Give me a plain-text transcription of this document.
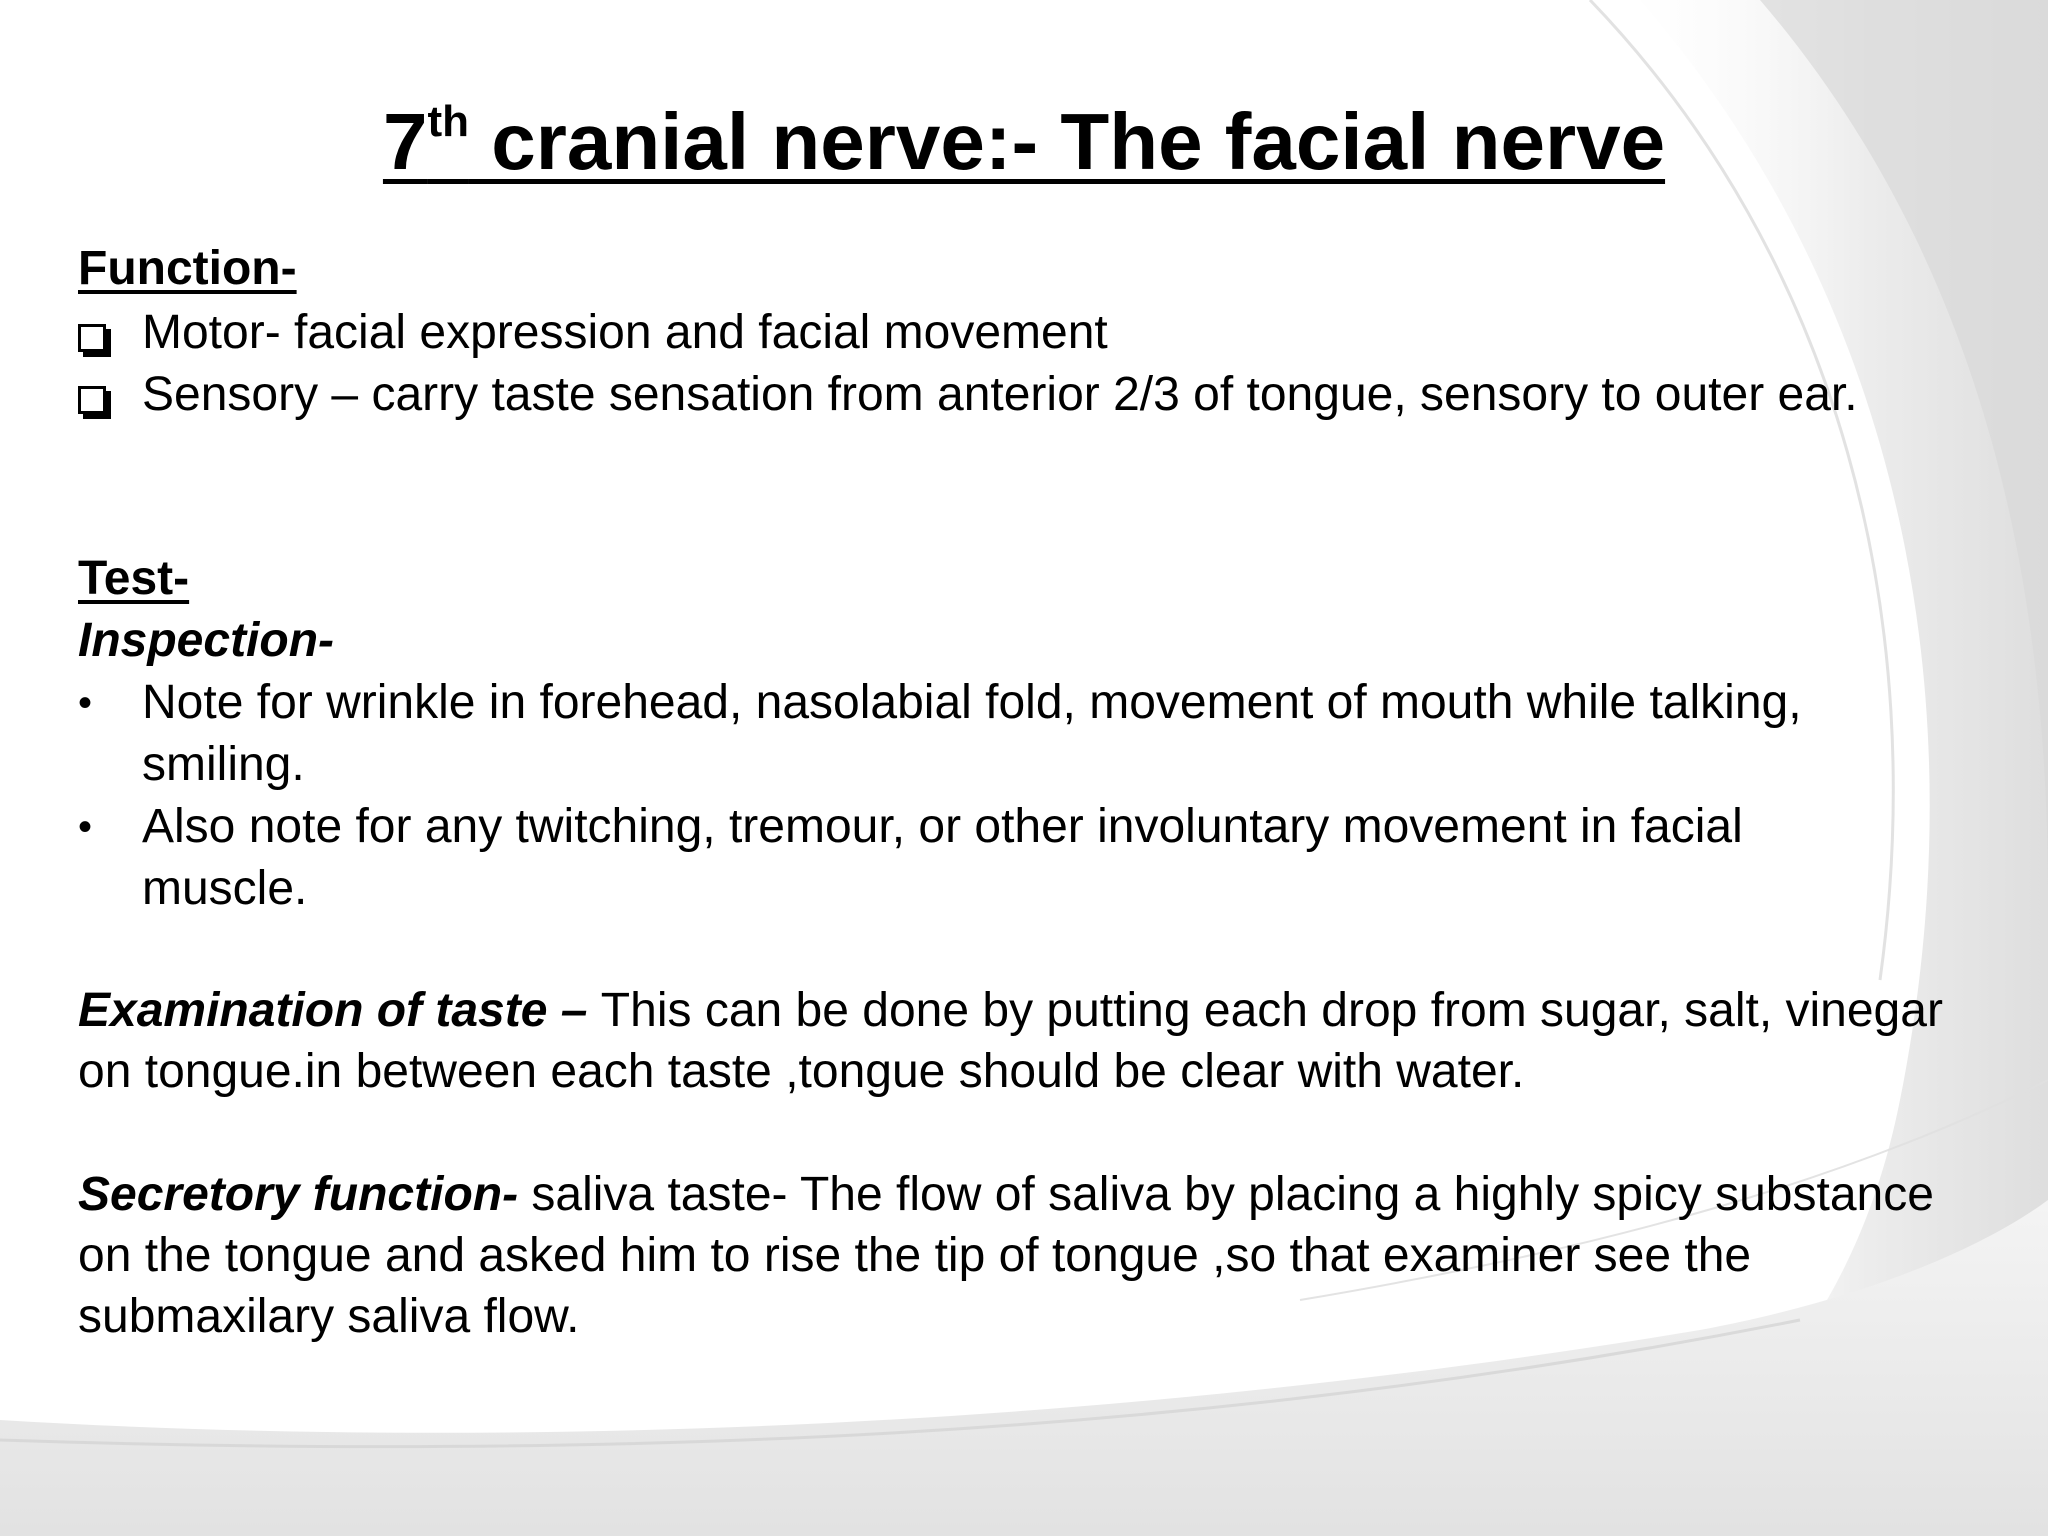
7th cranial nerve:- The facial nerve

Function-

Motor- facial expression and facial movement
Sensory – carry taste sensation from anterior 2/3 of tongue, sensory to outer ear.

Test-

Inspection-

• Note for wrinkle in forehead, nasolabial fold, movement of mouth while talking,
smiling.
• Also note for any twitching, tremour, or other involuntary movement in facial
muscle.

Examination of taste – This can be done by putting each drop from sugar, salt, vinegar on tongue.in between each taste ,tongue should be clear with water.

Secretory function- saliva taste- The flow of saliva by placing a highly spicy substance on the tongue and asked him to rise the tip of tongue ,so that examiner see the submaxilary saliva flow.
